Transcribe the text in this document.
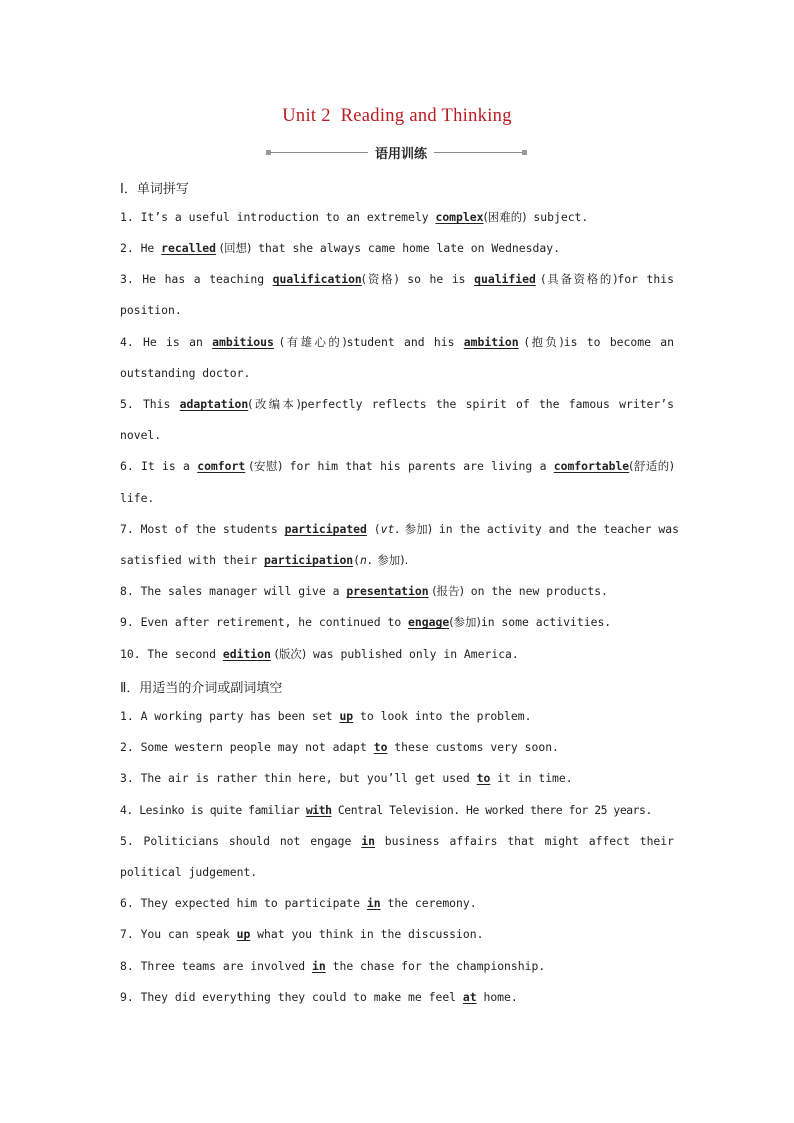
Unit 2  Reading and Thinking
语用训练
Ⅰ．单词拼写
1. It’s a useful introduction to an extremely complex(困难的) subject.
2. He recalled (回想) that she always came home late on Wednesday.
3. He has a teaching qualification(资格) so he is qualified (具备资格的)for this
position.
4. He is an ambitious (有雄心的)student and his ambition (抱负)is to become an
outstanding doctor.
5. This adaptation(改编本)perfectly reflects the spirit of the famous writer’s
novel.
6. It is a comfort (安慰) for him that his parents are living a comfortable(舒适的)
life.
7. Most of the students participated (vt. 参加) in the activity and the teacher was
satisfied with their participation(n. 参加).
8. The sales manager will give a presentation (报告) on the new products.
9. Even after retirement, he continued to engage(参加)in some activities.
10. The second edition (版次) was published only in America.
Ⅱ．用适当的介词或副词填空
1. A working party has been set up to look into the problem.
2. Some western people may not adapt to these customs very soon.
3. The air is rather thin here, but you’ll get used to it in time.
4. Lesinko is quite familiar with Central Television. He worked there for 25 years.
5. Politicians should not engage in business affairs that might affect their
political judgement.
6. They expected him to participate in the ceremony.
7. You can speak up what you think in the discussion.
8. Three teams are involved in the chase for the championship.
9. They did everything they could to make me feel at home.
